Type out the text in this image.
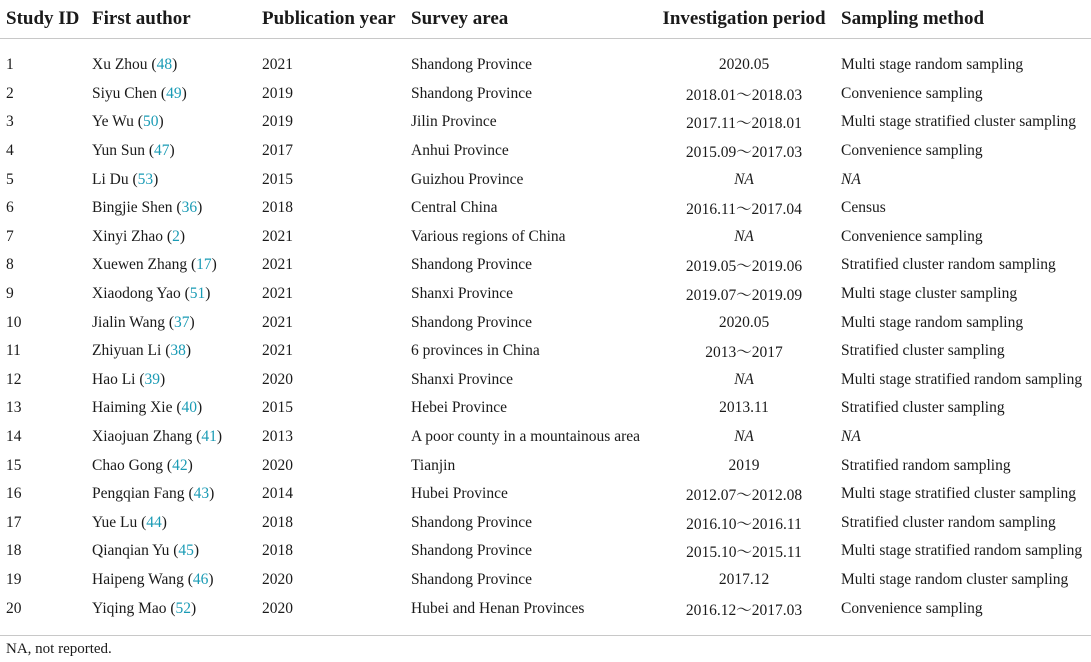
Study ID	First author	Publication year	Survey area	Investigation period	Sampling method
1	Xu Zhou (48)	2021	Shandong Province	2020.05	Multi stage random sampling
2	Siyu Chen (49)	2019	Shandong Province	2018.01～2018.03	Convenience sampling
3	Ye Wu (50)	2019	Jilin Province	2017.11～2018.01	Multi stage stratified cluster sampling
4	Yun Sun (47)	2017	Anhui Province	2015.09～2017.03	Convenience sampling
5	Li Du (53)	2015	Guizhou Province	NA	NA
6	Bingjie Shen (36)	2018	Central China	2016.11～2017.04	Census
7	Xinyi Zhao (2)	2021	Various regions of China	NA	Convenience sampling
8	Xuewen Zhang (17)	2021	Shandong Province	2019.05～2019.06	Stratified cluster random sampling
9	Xiaodong Yao (51)	2021	Shanxi Province	2019.07～2019.09	Multi stage cluster sampling
10	Jialin Wang (37)	2021	Shandong Province	2020.05	Multi stage random sampling
11	Zhiyuan Li (38)	2021	6 provinces in China	2013～2017	Stratified cluster sampling
12	Hao Li (39)	2020	Shanxi Province	NA	Multi stage stratified random sampling
13	Haiming Xie (40)	2015	Hebei Province	2013.11	Stratified cluster sampling
14	Xiaojuan Zhang (41)	2013	A poor county in a mountainous area	NA	NA
15	Chao Gong (42)	2020	Tianjin	2019	Stratified random sampling
16	Pengqian Fang (43)	2014	Hubei Province	2012.07～2012.08	Multi stage stratified cluster sampling
17	Yue Lu (44)	2018	Shandong Province	2016.10～2016.11	Stratified cluster random sampling
18	Qianqian Yu (45)	2018	Shandong Province	2015.10～2015.11	Multi stage stratified random sampling
19	Haipeng Wang (46)	2020	Shandong Province	2017.12	Multi stage random cluster sampling
20	Yiqing Mao (52)	2020	Hubei and Henan Provinces	2016.12～2017.03	Convenience sampling
NA, not reported.
